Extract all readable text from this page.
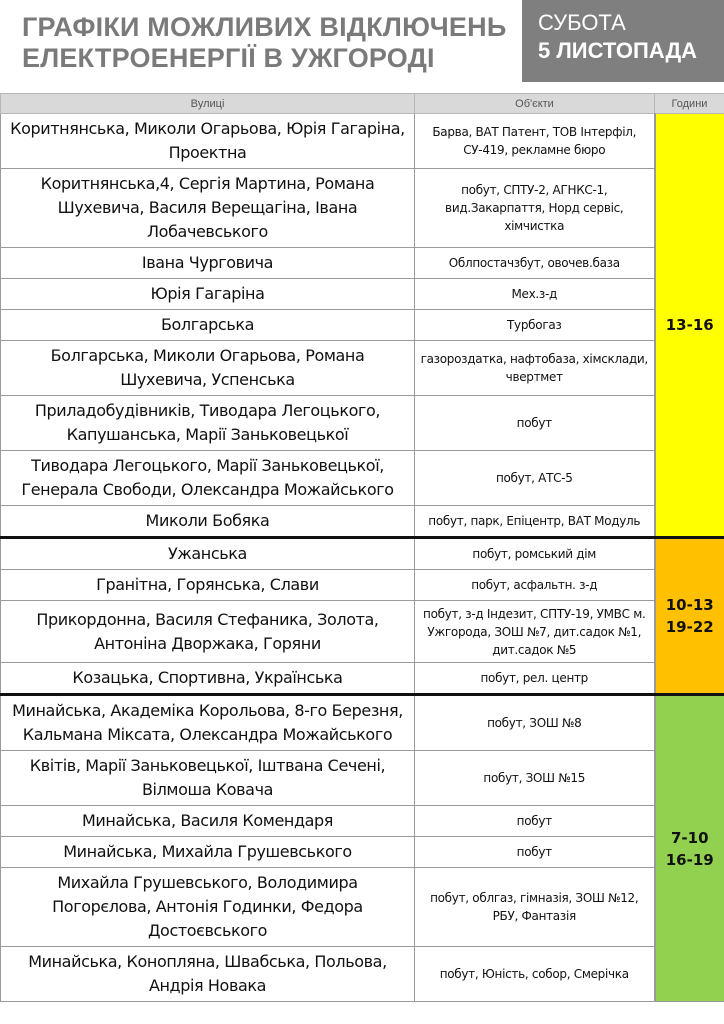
ГРАФІКИ МОЖЛИВИХ ВІДКЛЮЧЕНЬ
ЕЛЕКТРОЕНЕРГІЇ В УЖГОРОДІ
СУБОТА
5 ЛИСТОПАДА
Вулиці	Об'єкти	Години
Коритнянська, Миколи Огарьова, Юрія Гагаріна, Проектна	Барва, ВАТ Патент, ТОВ Інтерфіл, СУ-419, рекламне бюро	13-16

Коритнянська,4, Сергія Мартина, Романа Шухевича, Василя Верещагіна, Івана Лобачевського	побут, СПТУ-2, АГНКС-1, вид.Закарпаття, Норд сервіс, хімчистка	
Івана Чурговича	Облпостачзбут, овочев.база	
Юрія Гагаріна	Мех.з-д	
Болгарська	Турбогаз	
Болгарська, Миколи Огарьова, Романа Шухевича, Успенська	газороздатка, нафтобаза, хімсклади, чвертмет	
Приладобудівників, Тиводара Легоцького, Капушанська, Марії Заньковецької	побут	
Тиводара Легоцького, Марії Заньковецької, Генерала Свободи, Олександра Можайського	побут, АТС-5	
Миколи Бобяка	побут, парк, Епіцентр, ВАТ Модуль	
Ужанська	побут, ромський дім	10-13
19-22

Гранітна, Горянська, Слави	побут, асфальтн. з-д	
Прикордонна, Василя Стефаника, Золота, Антоніна Дворжака, Горяни	побут, з-д Індезит, СПТУ-19, УМВС м. Ужгорода, ЗОШ №7, дит.садок №1, дит.садок №5	
Козацька, Спортивна, Українська	побут, рел. центр	
Минайська, Академіка Корольова, 8-го Березня, Кальмана Міксата, Олександра Можайського	побут, ЗОШ №8	7-10
16-19

Квітів, Марії Заньковецької, Іштвана Сечені, Вілмоша Ковача	побут, ЗОШ №15	
Минайська, Василя Комендаря	побут	
Минайська, Михайла Грушевського	побут	
Михайла Грушевського, Володимира Погорєлова, Антонія Годинки, Федора Достоєвського	побут, облгаз, гімназія, ЗОШ №12, РБУ, Фантазія	
Минайська, Конопляна, Швабська, Польова, Андрія Новака	побут, Юність, собор, Смерічка	
